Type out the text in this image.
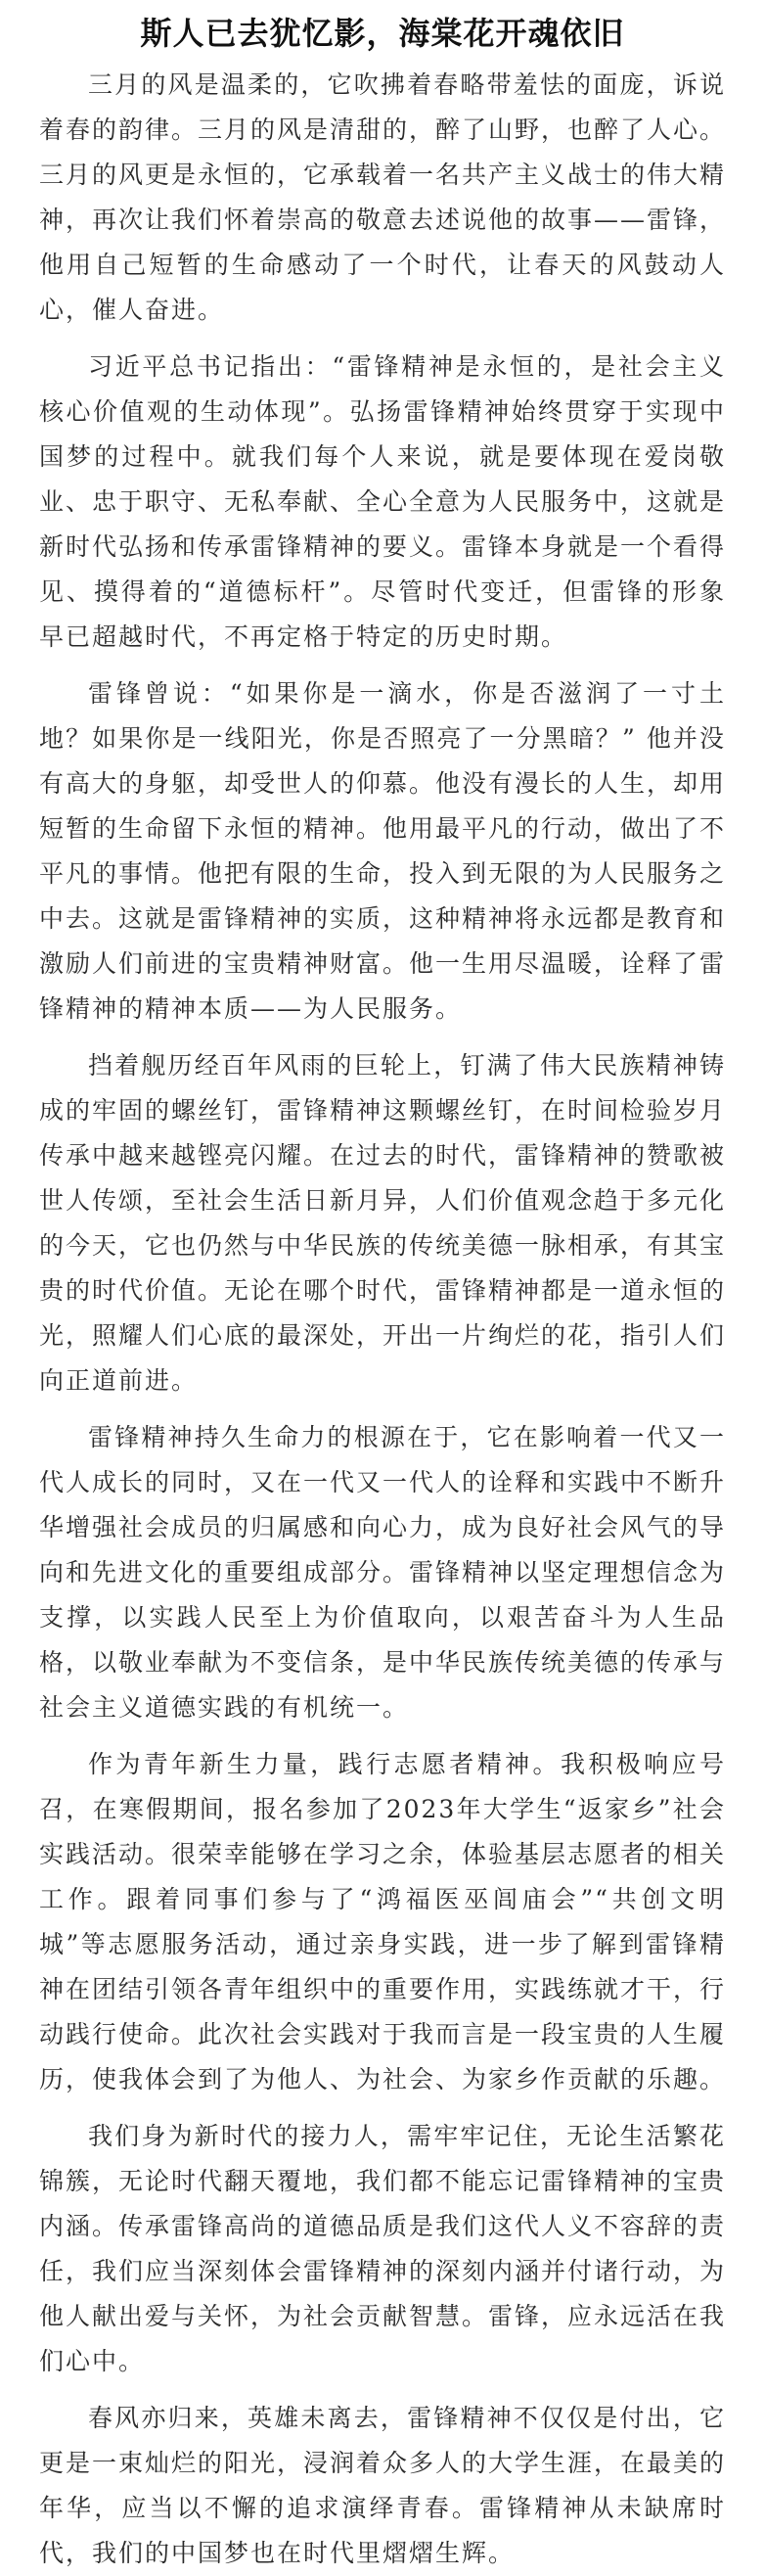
斯人已去犹忆影，海棠花开魂依旧

三月的风是温柔的，它吹拂着春略带羞怯的面庞，诉说着春的韵律。三月的风是清甜的，醉了山野，也醉了人心。三月的风更是永恒的，它承载着一名共产主义战士的伟大精神，再次让我们怀着崇高的敬意去述说他的故事——雷锋，他用自己短暂的生命感动了一个时代，让春天的风鼓动人心，催人奋进。

习近平总书记指出：“雷锋精神是永恒的，是社会主义核心价值观的生动体现”。弘扬雷锋精神始终贯穿于实现中国梦的过程中。就我们每个人来说，就是要体现在爱岗敬业、忠于职守、无私奉献、全心全意为人民服务中，这就是新时代弘扬和传承雷锋精神的要义。雷锋本身就是一个看得见、摸得着的“道德标杆”。尽管时代变迁，但雷锋的形象早已超越时代，不再定格于特定的历史时期。

雷锋曾说：“如果你是一滴水，你是否滋润了一寸土地？如果你是一线阳光，你是否照亮了一分黑暗？” 他并没有高大的身躯，却受世人的仰慕。他没有漫长的人生，却用短暂的生命留下永恒的精神。他用最平凡的行动，做出了不平凡的事情。他把有限的生命，投入到无限的为人民服务之中去。这就是雷锋精神的实质，这种精神将永远都是教育和激励人们前进的宝贵精神财富。他一生用尽温暖，诠释了雷锋精神的精神本质——为人民服务。

挡着舰历经百年风雨的巨轮上，钉满了伟大民族精神铸成的牢固的螺丝钉，雷锋精神这颗螺丝钉，在时间检验岁月传承中越来越铿亮闪耀。在过去的时代，雷锋精神的赞歌被世人传颂，至社会生活日新月异，人们价值观念趋于多元化的今天，它也仍然与中华民族的传统美德一脉相承，有其宝贵的时代价值。无论在哪个时代，雷锋精神都是一道永恒的光，照耀人们心底的最深处，开出一片绚烂的花，指引人们向正道前进。

雷锋精神持久生命力的根源在于，它在影响着一代又一代人成长的同时，又在一代又一代人的诠释和实践中不断升华增强社会成员的归属感和向心力，成为良好社会风气的导向和先进文化的重要组成部分。雷锋精神以坚定理想信念为支撑，以实践人民至上为价值取向，以艰苦奋斗为人生品格，以敬业奉献为不变信条，是中华民族传统美德的传承与社会主义道德实践的有机统一。

作为青年新生力量，践行志愿者精神。我积极响应号召，在寒假期间，报名参加了2023年大学生“返家乡”社会实践活动。很荣幸能够在学习之余，体验基层志愿者的相关工作。跟着同事们参与了“鸿福医巫闾庙会”“共创文明城”等志愿服务活动，通过亲身实践，进一步了解到雷锋精神在团结引领各青年组织中的重要作用，实践练就才干，行动践行使命。此次社会实践对于我而言是一段宝贵的人生履历，使我体会到了为他人、为社会、为家乡作贡献的乐趣。

我们身为新时代的接力人，需牢牢记住，无论生活繁花锦簇，无论时代翻天覆地，我们都不能忘记雷锋精神的宝贵内涵。传承雷锋高尚的道德品质是我们这代人义不容辞的责任，我们应当深刻体会雷锋精神的深刻内涵并付诸行动，为他人献出爱与关怀，为社会贡献智慧。雷锋，应永远活在我们心中。

春风亦归来，英雄未离去，雷锋精神不仅仅是付出，它更是一束灿烂的阳光，浸润着众多人的大学生涯，在最美的年华，应当以不懈的追求演绎青春。雷锋精神从未缺席时代，我们的中国梦也在时代里熠熠生辉。
